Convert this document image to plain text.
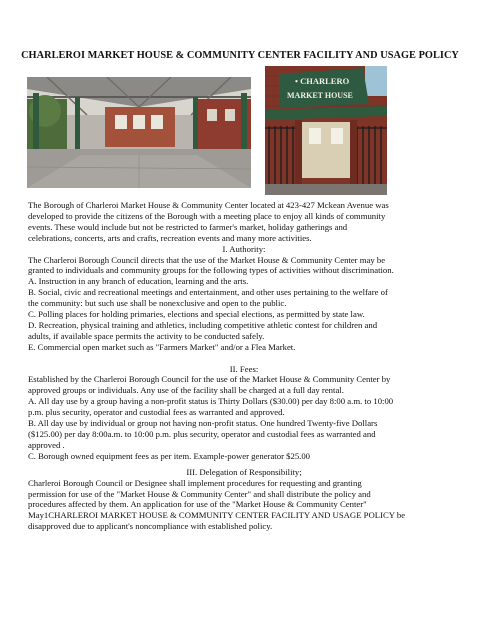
CHARLEROI MARKET HOUSE & COMMUNITY CENTER FACILITY AND USAGE POLICY
• CHARLERO
MARKET HOUSE

The Borough of Charleroi Market House & Community Center located at 423-427 Mckean Avenue was

developed to provide the citizens of the Borough with a meeting place to enjoy all kinds of community

events. These would include but not be restricted to farmer's market, holiday gatherings and

celebrations, concerts, arts and crafts, recreation events and many more activities.

I. Authority:

The Charleroi Borough Council directs that the use of the Market House & Community Center may be

granted to individuals and community groups for the following types of activities without discrimination.

A. Instruction in any branch of education, learning and the arts.

B. Social, civic and recreational meetings and entertainment, and other uses pertaining to the welfare of

the community: but such use shall be nonexclusive and open to the public.

C. Polling places for holding primaries, elections and special elections, as permitted by state law.

D. Recreation, physical training and athletics, including competitive athletic contest for children and

adults, if available space permits the activity to be conducted safely.

E. Commercial open market such as "Farmers Market" and/or a Flea Market.

II. Fees:

Established by the Charleroi Borough Council for the use of the Market House & Community Center by

approved groups or individuals. Any use of the facility shall be charged at a full day rental.

A. All day use by a group having a non-profit status is Thirty Dollars ($30.00) per day 8:00 a.m. to 10:00

p.m. plus security, operator and custodial fees as warranted and approved.

B. All day use by individual or group not having non-profit status. One hundred Twenty-five Dollars

($125.00) per day 8:00a.m. to 10:00 p.m. plus security, operator and custodial fees as warranted and

approved .

C. Borough owned equipment fees as per item. Example-power generator $25.00

III. Delegation of Responsibility;

Charleroi Borough Council or Designee shall implement procedures for requesting and granting

permission for use of the "Market House & Community Center" and shall distribute the policy and

procedures affected by them. An application for use of the "Market House & Community Center"

May1CHARLEROI MARKET HOUSE & COMMUNITY CENTER FACILITY AND USAGE POLICY be

disapproved due to applicant's noncompliance with established policy.
